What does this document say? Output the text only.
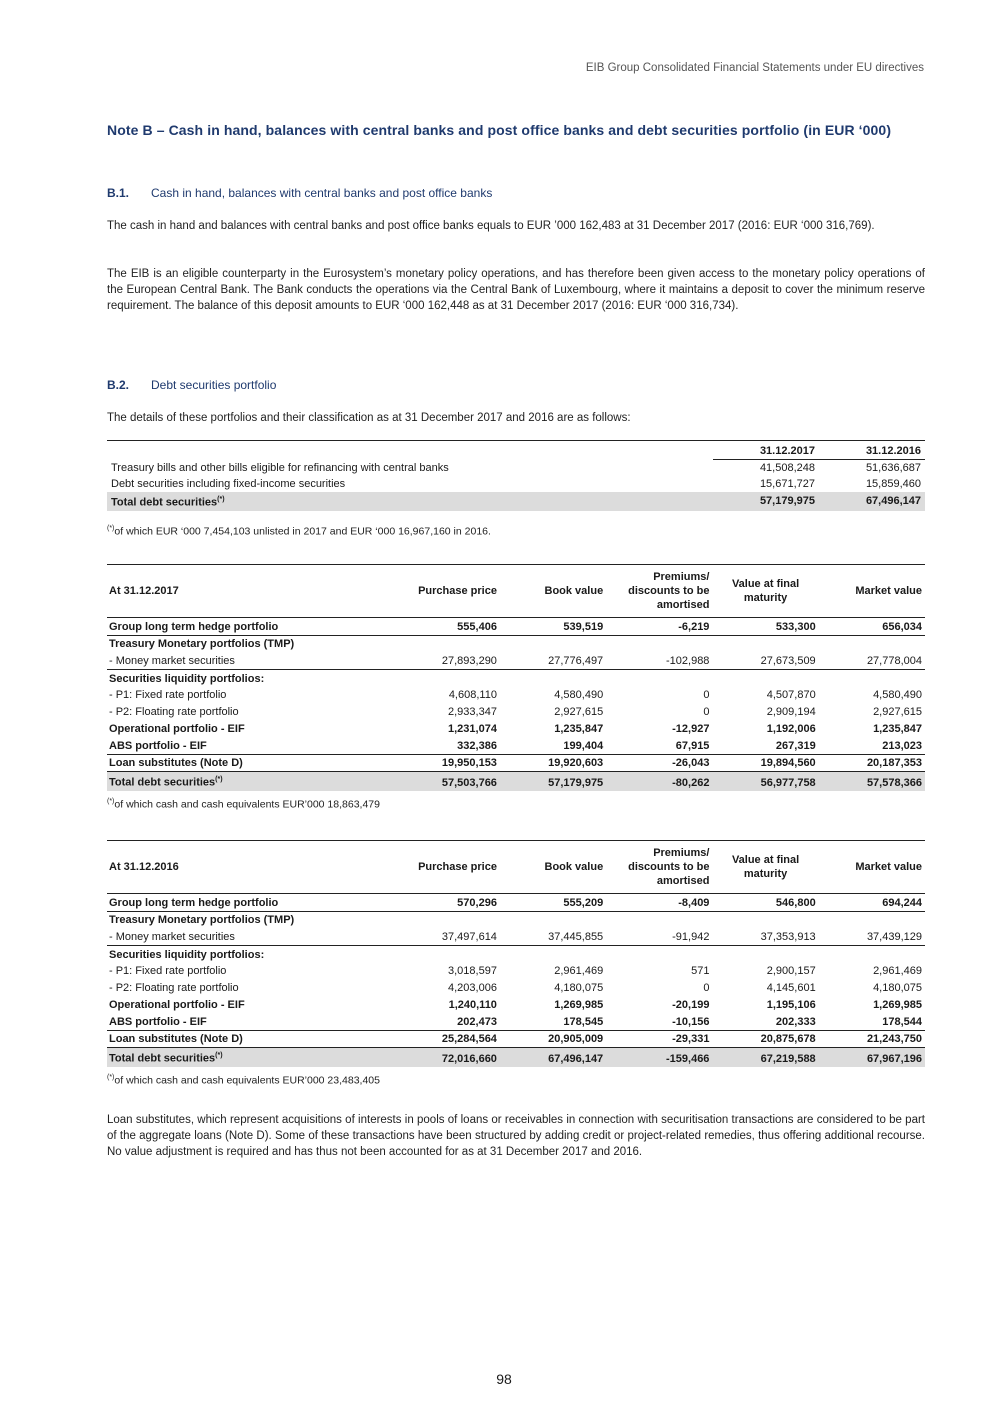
EIB Group Consolidated Financial Statements under EU directives
Note B – Cash in hand, balances with central banks and post office banks and debt securities portfolio (in EUR ‘000)
B.1. Cash in hand, balances with central banks and post office banks
The cash in hand and balances with central banks and post office banks equals to EUR ’000 162,483 at 31 December 2017 (2016: EUR ‘000 316,769).
The EIB is an eligible counterparty in the Eurosystem’s monetary policy operations, and has therefore been given access to the monetary policy operations of the European Central Bank. The Bank conducts the operations via the Central Bank of Luxembourg, where it maintains a deposit to cover the minimum reserve requirement. The balance of this deposit amounts to EUR ‘000 162,448 as at 31 December 2017 (2016: EUR ‘000 316,734).
B.2. Debt securities portfolio
The details of these portfolios and their classification as at 31 December 2017 and 2016 are as follows:
	31.12.2017	31.12.2016
Treasury bills and other bills eligible for refinancing with central banks	41,508,248	51,636,687
Debt securities including fixed-income securities	15,671,727	15,859,460
Total debt securities(*)	57,179,975	67,496,147
(*)of which EUR ‘000 7,454,103 unlisted in 2017 and EUR ‘000 16,967,160 in 2016.
At 31.12.2017	Purchase price	Book value	Premiums/ discounts to be amortised	Value at final maturity	Market value
Group long term hedge portfolio	555,406	539,519	-6,219	533,300	656,034
Treasury Monetary portfolios (TMP)					
- Money market securities	27,893,290	27,776,497	-102,988	27,673,509	27,778,004
Securities liquidity portfolios:					
- P1: Fixed rate portfolio	4,608,110	4,580,490	0	4,507,870	4,580,490
- P2: Floating rate portfolio	2,933,347	2,927,615	0	2,909,194	2,927,615
Operational portfolio - EIF	1,231,074	1,235,847	-12,927	1,192,006	1,235,847
ABS portfolio - EIF	332,386	199,404	67,915	267,319	213,023
Loan substitutes (Note D)	19,950,153	19,920,603	-26,043	19,894,560	20,187,353
Total debt securities(*)	57,503,766	57,179,975	-80,262	56,977,758	57,578,366
(*)of which cash and cash equivalents EUR’000 18,863,479
At 31.12.2016	Purchase price	Book value	Premiums/ discounts to be amortised	Value at final maturity	Market value
Group long term hedge portfolio	570,296	555,209	-8,409	546,800	694,244
Treasury Monetary portfolios (TMP)					
- Money market securities	37,497,614	37,445,855	-91,942	37,353,913	37,439,129
Securities liquidity portfolios:					
- P1: Fixed rate portfolio	3,018,597	2,961,469	571	2,900,157	2,961,469
- P2: Floating rate portfolio	4,203,006	4,180,075	0	4,145,601	4,180,075
Operational portfolio - EIF	1,240,110	1,269,985	-20,199	1,195,106	1,269,985
ABS portfolio - EIF	202,473	178,545	-10,156	202,333	178,544
Loan substitutes (Note D)	25,284,564	20,905,009	-29,331	20,875,678	21,243,750
Total debt securities(*)	72,016,660	67,496,147	-159,466	67,219,588	67,967,196
(*)of which cash and cash equivalents EUR’000 23,483,405
Loan substitutes, which represent acquisitions of interests in pools of loans or receivables in connection with securitisation transactions are considered to be part of the aggregate loans (Note D). Some of these transactions have been structured by adding credit or project-related remedies, thus offering additional recourse. No value adjustment is required and has thus not been accounted for as at 31 December 2017 and 2016.
98
